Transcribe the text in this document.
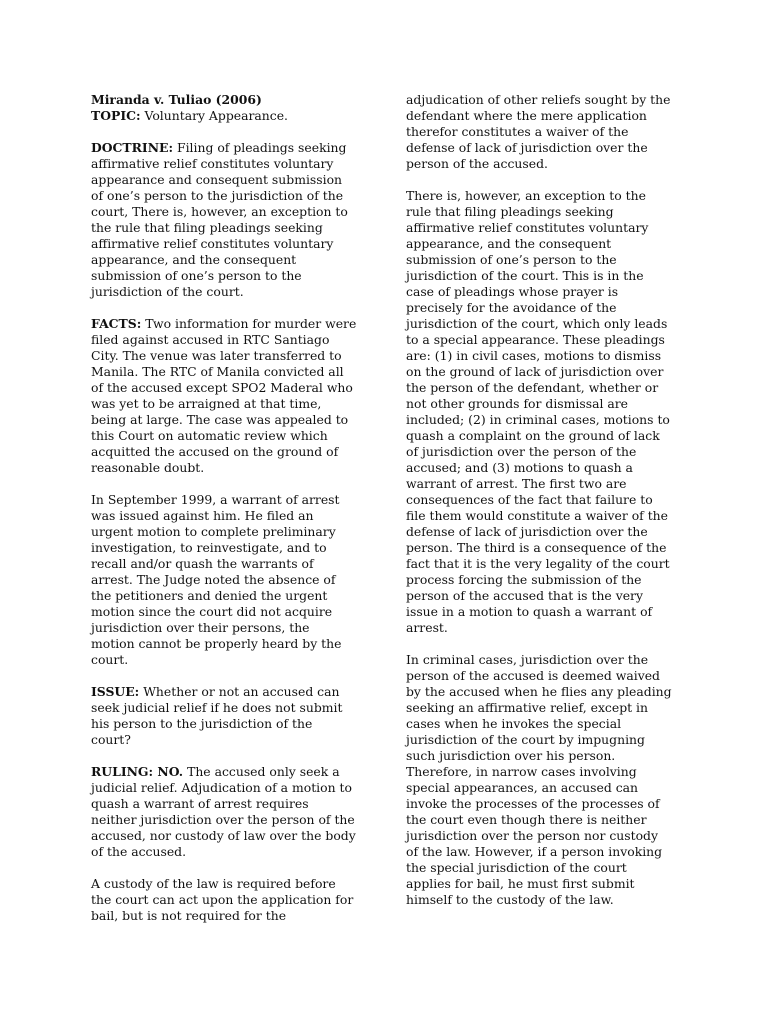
Miranda v. Tuliao (2006)
TOPIC: Voluntary Appearance.
DOCTRINE: Filing of pleadings seeking
affirmative relief constitutes voluntary
appearance and consequent submission
of one’s person to the jurisdiction of the
court, There is, however, an exception to
the rule that filing pleadings seeking
affirmative relief constitutes voluntary
appearance, and the consequent
submission of one’s person to the
jurisdiction of the court.
FACTS: Two information for murder were
filed against accused in RTC Santiago
City. The venue was later transferred to
Manila. The RTC of Manila convicted all
of the accused except SPO2 Maderal who
was yet to be arraigned at that time,
being at large. The case was appealed to
this Court on automatic review which
acquitted the accused on the ground of
reasonable doubt.
In September 1999, a warrant of arrest
was issued against him. He filed an
urgent motion to complete preliminary
investigation, to reinvestigate, and to
recall and/or quash the warrants of
arrest. The Judge noted the absence of
the petitioners and denied the urgent
motion since the court did not acquire
jurisdiction over their persons, the
motion cannot be properly heard by the
court.
ISSUE: Whether or not an accused can
seek judicial relief if he does not submit
his person to the jurisdiction of the
court?
RULING: NO. The accused only seek a
judicial relief. Adjudication of a motion to
quash a warrant of arrest requires
neither jurisdiction over the person of the
accused, nor custody of law over the body
of the accused.
A custody of the law is required before
the court can act upon the application for
bail, but is not required for the
adjudication of other reliefs sought by the
defendant where the mere application
therefor constitutes a waiver of the
defense of lack of jurisdiction over the
person of the accused.
There is, however, an exception to the
rule that filing pleadings seeking
affirmative relief constitutes voluntary
appearance, and the consequent
submission of one’s person to the
jurisdiction of the court. This is in the
case of pleadings whose prayer is
precisely for the avoidance of the
jurisdiction of the court, which only leads
to a special appearance. These pleadings
are: (1) in civil cases, motions to dismiss
on the ground of lack of jurisdiction over
the person of the defendant, whether or
not other grounds for dismissal are
included; (2) in criminal cases, motions to
quash a complaint on the ground of lack
of jurisdiction over the person of the
accused; and (3) motions to quash a
warrant of arrest. The first two are
consequences of the fact that failure to
file them would constitute a waiver of the
defense of lack of jurisdiction over the
person. The third is a consequence of the
fact that it is the very legality of the court
process forcing the submission of the
person of the accused that is the very
issue in a motion to quash a warrant of
arrest.
In criminal cases, jurisdiction over the
person of the accused is deemed waived
by the accused when he flies any pleading
seeking an affirmative relief, except in
cases when he invokes the special
jurisdiction of the court by impugning
such jurisdiction over his person.
Therefore, in narrow cases involving
special appearances, an accused can
invoke the processes of the processes of
the court even though there is neither
jurisdiction over the person nor custody
of the law. However, if a person invoking
the special jurisdiction of the court
applies for bail, he must first submit
himself to the custody of the law.
